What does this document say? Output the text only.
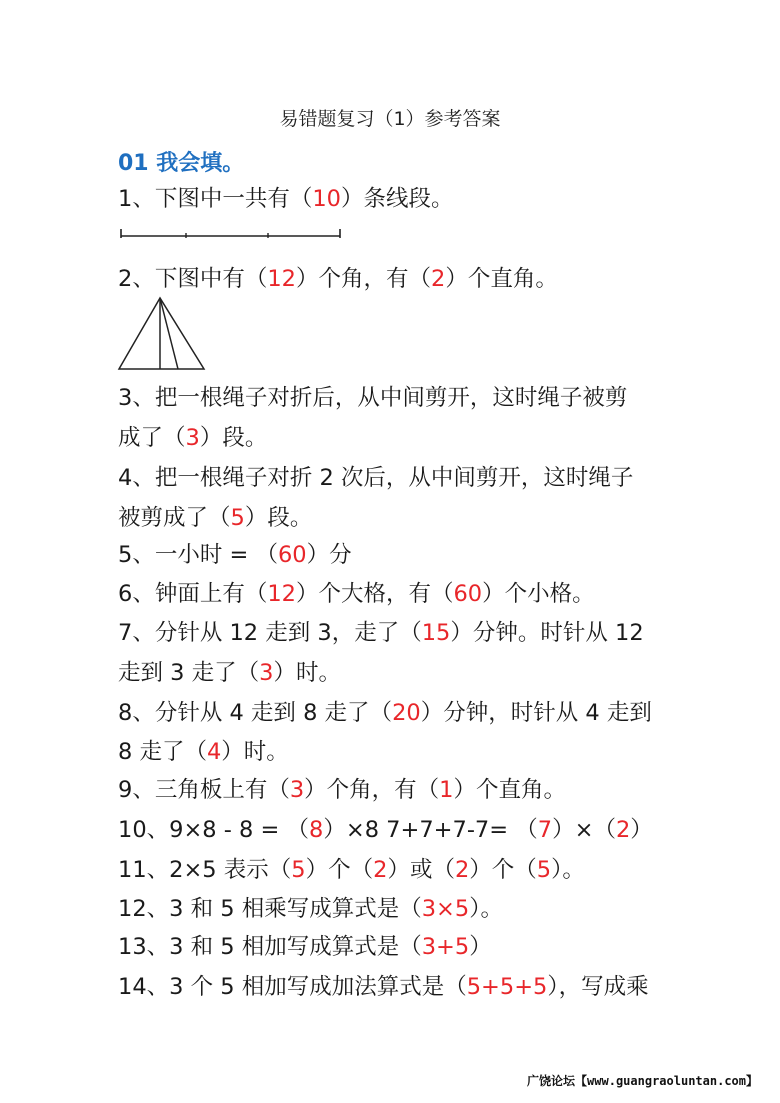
易错题复习（1）参考答案
01 我会填。
1、下图中一共有（10）条线段。
2、下图中有（12）个角，有（2）个直角。
3、把一根绳子对折后，从中间剪开，这时绳子被剪
成了（3）段。
4、把一根绳子对折 2 次后，从中间剪开，这时绳子
被剪成了（5）段。
5、一小时 = （60）分
6、钟面上有（12）个大格，有（60）个小格。
7、分针从 12 走到 3，走了（15）分钟。时针从 12
走到 3 走了（3）时。
8、分针从 4 走到 8 走了（20）分钟，时针从 4 走到
8 走了（4）时。
9、三角板上有（3）个角，有（1）个直角。
10、9×8 - 8 = （8）×8 7+7+7-7= （7）×（2）
11、2×5 表示（5）个（2）或（2）个（5）。
12、3 和 5 相乘写成算式是（3×5）。
13、3 和 5 相加写成算式是（3+5）
14、3 个 5 相加写成加法算式是（5+5+5），写成乘
广饶论坛【www.guangraoluntan.com】
